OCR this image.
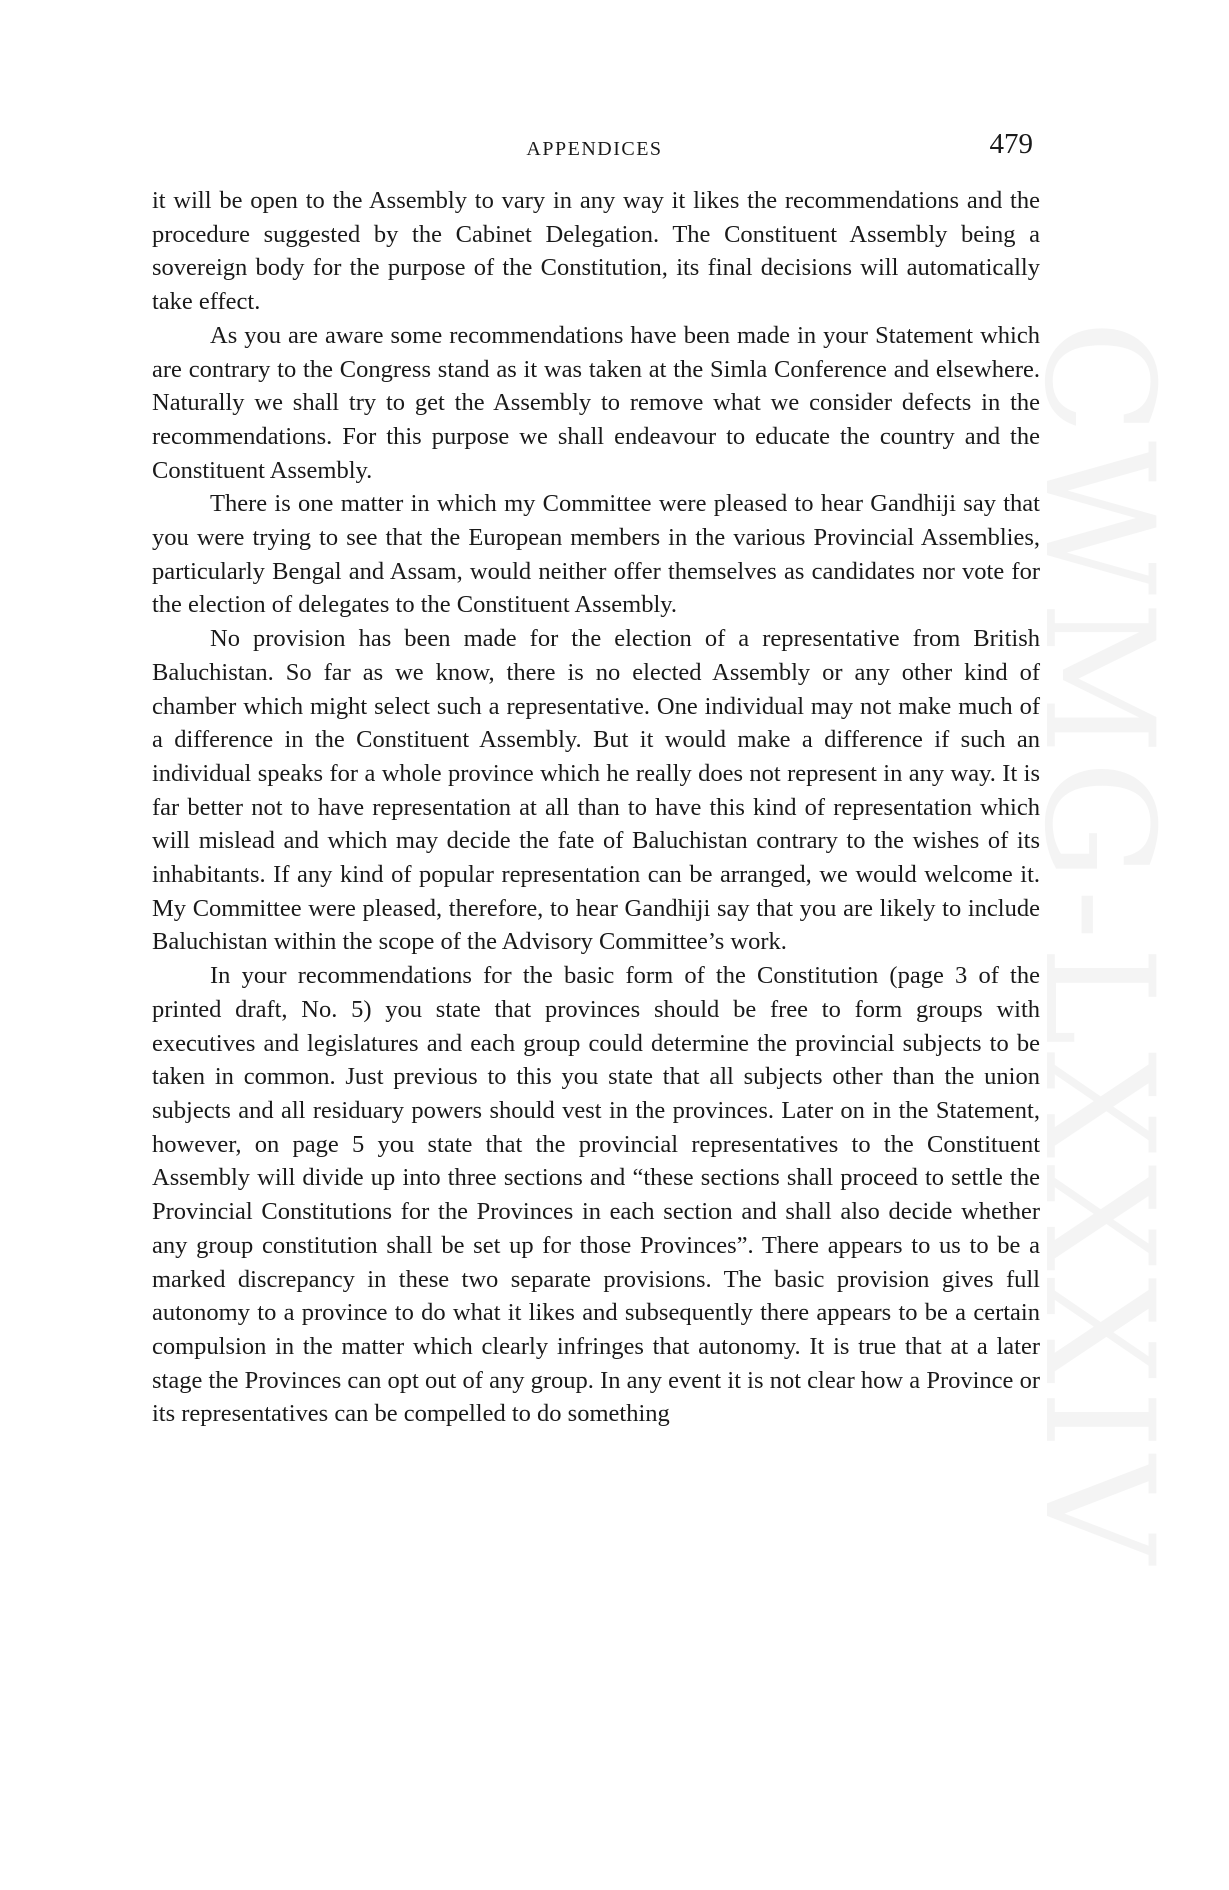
APPENDICES	479

it will be open to the Assembly to vary in any way it likes the recommendations and the procedure suggested by the Cabinet Delegation. The Constituent Assembly being a sovereign body for the purpose of the Constitution, its final decisions will automatically take effect.

As you are aware some recommendations have been made in your Statement which are contrary to the Congress stand as it was taken at the Simla Conference and elsewhere. Naturally we shall try to get the Assembly to remove what we consider defects in the recommendations. For this purpose we shall endeavour to educate the country and the Constituent Assembly.

There is one matter in which my Committee were pleased to hear Gandhiji say that you were trying to see that the European members in the various Provincial Assemblies, particularly Bengal and Assam, would neither offer themselves as candidates nor vote for the election of delegates to the Constituent Assembly.

No provision has been made for the election of a representative from British Baluchistan. So far as we know, there is no elected Assembly or any other kind of chamber which might select such a representative. One individual may not make much of a difference in the Constituent Assembly. But it would make a difference if such an individual speaks for a whole province which he really does not represent in any way. It is far better not to have representation at all than to have this kind of representation which will mislead and which may decide the fate of Baluchistan contrary to the wishes of its inhabitants. If any kind of popular representation can be arranged, we would welcome it. My Committee were pleased, therefore, to hear Gandhiji say that you are likely to include Baluchistan within the scope of the Advisory Committee’s work.

In your recommendations for the basic form of the Constitution (page 3 of the printed draft, No. 5) you state that provinces should be free to form groups with executives and legislatures and each group could determine the provincial subjects to be taken in common. Just previous to this you state that all subjects other than the union subjects and all residuary powers should vest in the provinces. Later on in the Statement, however, on page 5 you state that the provincial representatives to the Constituent Assembly will divide up into three sections and “these sections shall proceed to settle the Provincial Constitutions for the Provinces in each section and shall also decide whether any group constitution shall be set up for those Provinces”. There appears to us to be a marked discrepancy in these two separate provisions. The basic provision gives full autonomy to a province to do what it likes and subsequently there appears to be a certain compulsion in the matter which clearly infringes that autonomy. It is true that at a later stage the Provinces can opt out of any group. In any event it is not clear how a Province or its representatives can be compelled to do something	CWMG-LXXXIV
